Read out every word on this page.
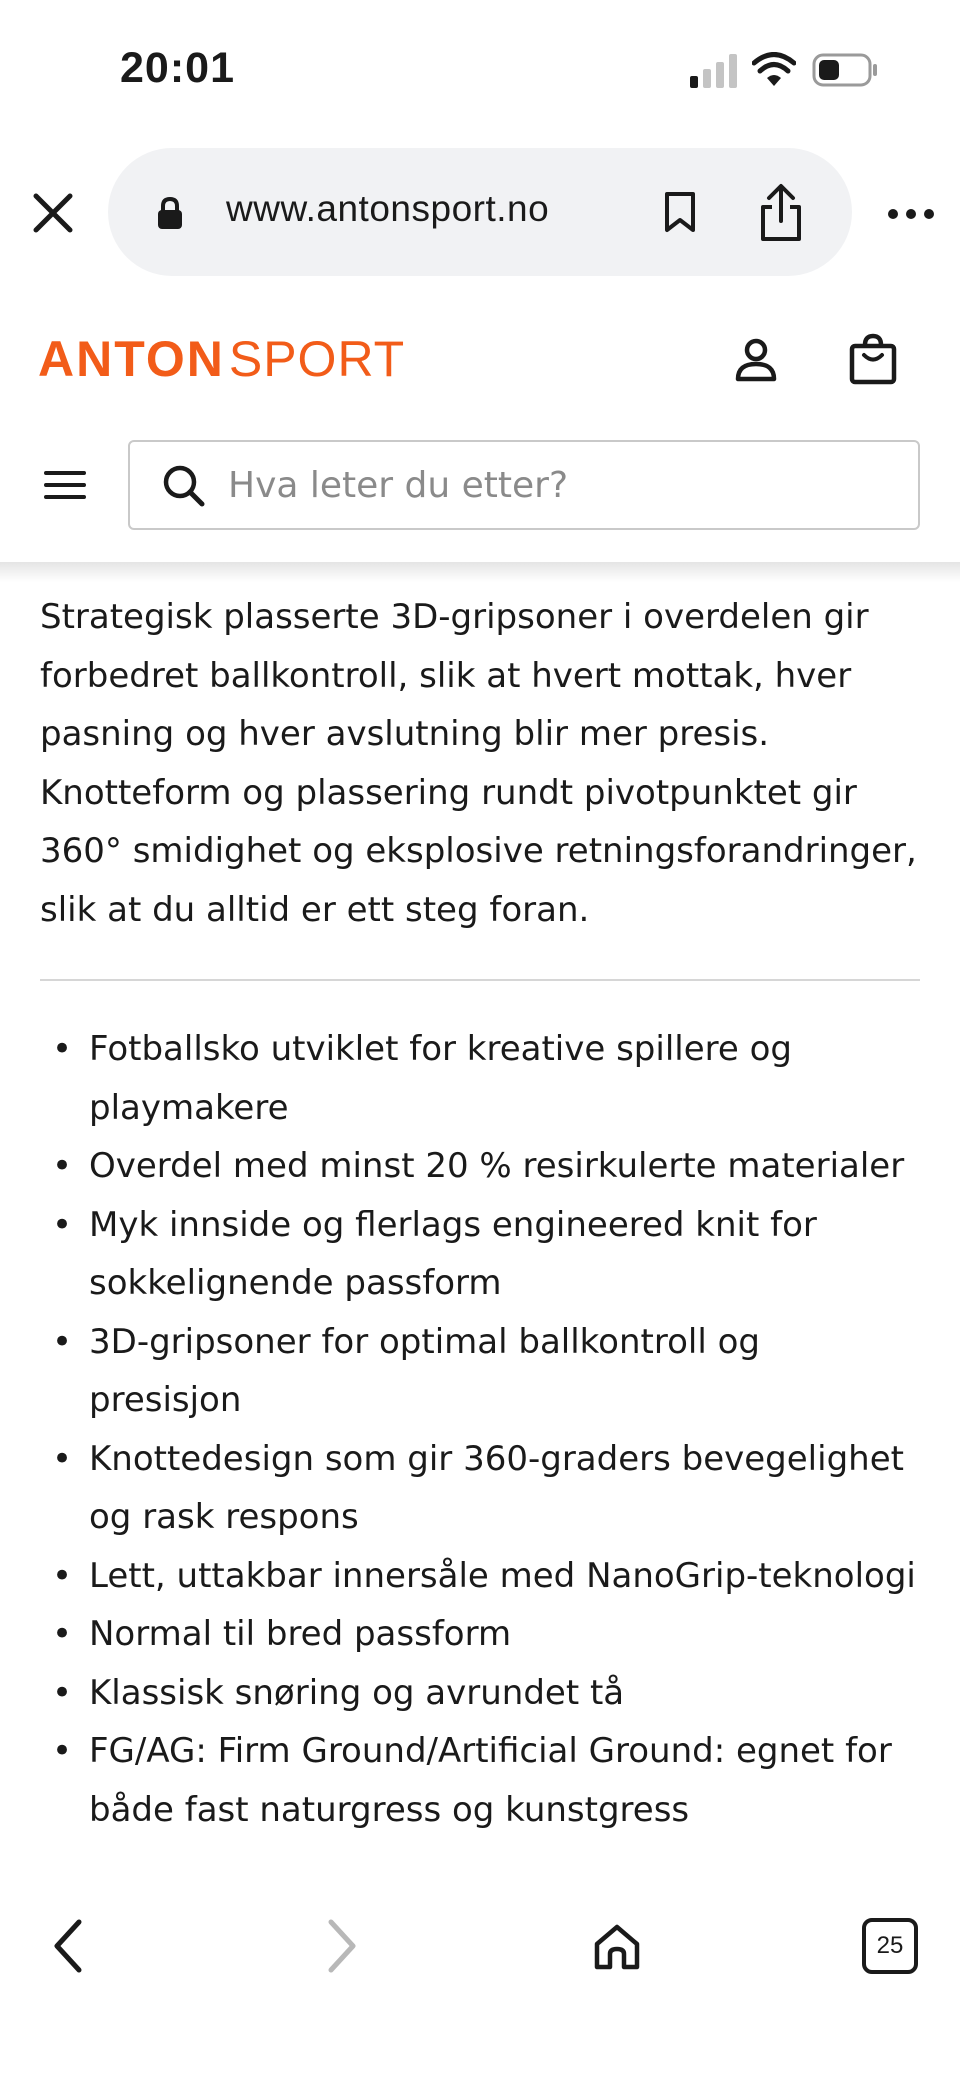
20:01
www.antonsport.no
ANTON SPORT
Hva leter du etter?

Strategisk plasserte 3D-gripsoner i overdelen gir forbedret ballkontroll, slik at hvert mottak, hver pasning og hver avslutning blir mer presis. Knotteform og plassering rundt pivotpunktet gir 360° smidighet og eksplosive retningsforandringer, slik at du alltid er ett steg foran.

• Fotballsko utviklet for kreative spillere og playmakere
• Overdel med minst 20 % resirkulerte materialer
• Myk innside og flerlags engineered knit for sokkelignende passform
• 3D-gripsoner for optimal ballkontroll og presisjon
• Knottedesign som gir 360-graders bevegelighet og rask respons
• Lett, uttakbar innersåle med NanoGrip-teknologi
• Normal til bred passform
• Klassisk snøring og avrundet tå
• FG/AG: Firm Ground/Artificial Ground: egnet for både fast naturgress og kunstgress
25
